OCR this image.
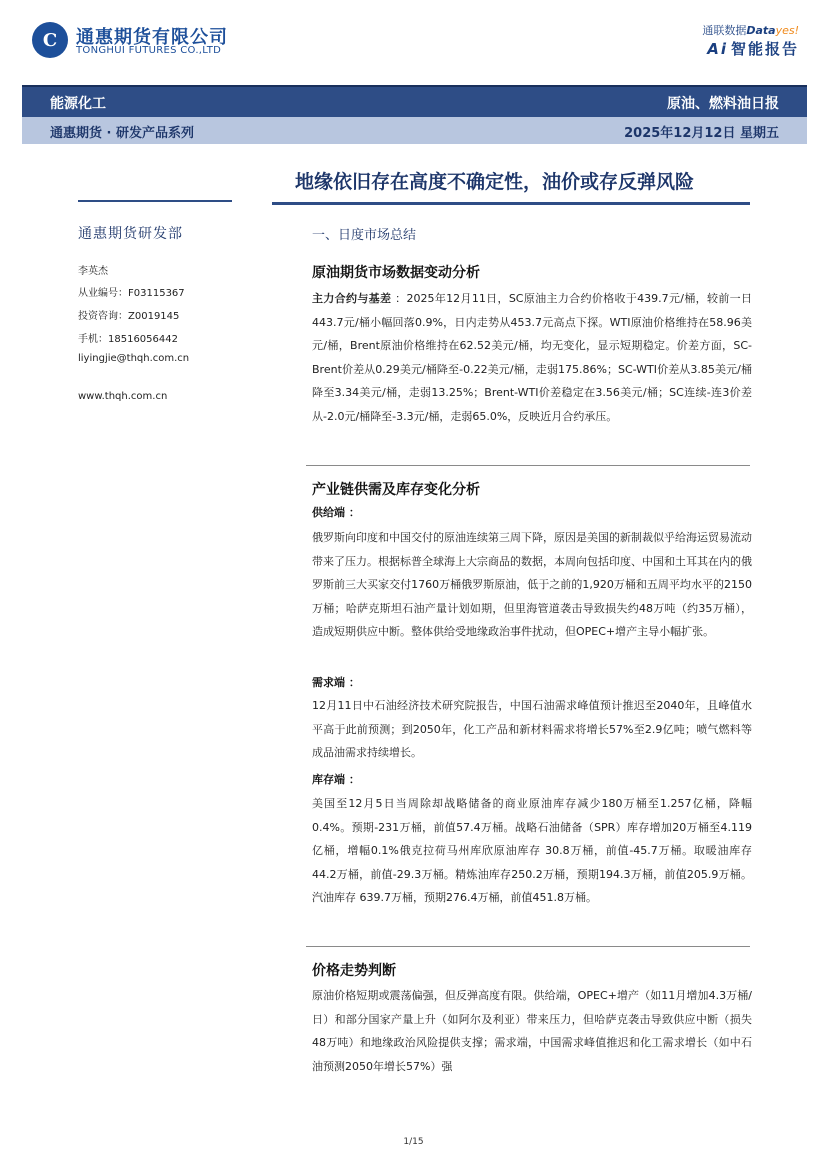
C	通惠期货有限公司
TONGHUI FUTURES CO.,LTD
通联数据Datayes!
Ai 智能报告
能源化工	原油、燃料油日报
通惠期货 · 研发产品系列	2025年12月12日 星期五
地缘依旧存在高度不确定性，油价或存反弹风险
通惠期货研发部
李英杰
从业编号：F03115367
投资咨询：Z0019145
手机：18516056442
liyingjie@thqh.com.cn
www.thqh.com.cn
一、日度市场总结
原油期货市场数据变动分析
主力合约与基差 ：2025年12月11日，SC原油主力合约价格收于439.7元/桶，较前一日443.7元/桶小幅回落0.9%，日内走势从453.7元高点下探。WTI原油价格维持在58.96美元/桶，Brent原油价格维持在62.52美元/桶，均无变化，显示短期稳定。价差方面，SC-Brent价差从0.29美元/桶降至-0.22美元/桶，走弱175.86%；SC-WTI价差从3.85美元/桶降至3.34美元/桶，走弱13.25%；Brent-WTI价差稳定在3.56美元/桶；SC连续-连3价差从-2.0元/桶降至-3.3元/桶，走弱65.0%，反映近月合约承压。
产业链供需及库存变化分析
供给端 ：
俄罗斯向印度和中国交付的原油连续第三周下降，原因是美国的新制裁似乎给海运贸易流动带来了压力。根据标普全球海上大宗商品的数据，本周向包括印度、中国和土耳其在内的俄罗斯前三大买家交付1760万桶俄罗斯原油，低于之前的1,920万桶和五周平均水平的2150万桶；哈萨克斯坦石油产量计划如期，但里海管道袭击导致损失约48万吨（约35万桶），造成短期供应中断。整体供给受地缘政治事件扰动，但OPEC+增产主导小幅扩张。
需求端 ：
12月11日中石油经济技术研究院报告，中国石油需求峰值预计推迟至2040年，且峰值水平高于此前预测；到2050年，化工产品和新材料需求将增长57%至2.9亿吨；喷气燃料等成品油需求持续增长。
库存端 ：
美国至12月5日当周除却战略储备的商业原油库存减少180万桶至1.257亿桶，降幅0.4%。预期-231万桶，前值57.4万桶。战略石油储备（SPR）库存增加20万桶至4.119亿桶，增幅0.1%俄克拉荷马州库欣原油库存 30.8万桶，前值-45.7万桶。取暖油库存 44.2万桶，前值-29.3万桶。精炼油库存250.2万桶，预期194.3万桶，前值205.9万桶。汽油库存 639.7万桶，预期276.4万桶，前值451.8万桶。
价格走势判断
原油价格短期或震荡偏强，但反弹高度有限。供给端，OPEC+增产（如11月增加4.3万桶/日）和部分国家产量上升（如阿尔及利亚）带来压力，但哈萨克袭击导致供应中断（损失48万吨）和地缘政治风险提供支撑；需求端，中国需求峰值推迟和化工需求增长（如中石油预测2050年增长57%）强
1/15
